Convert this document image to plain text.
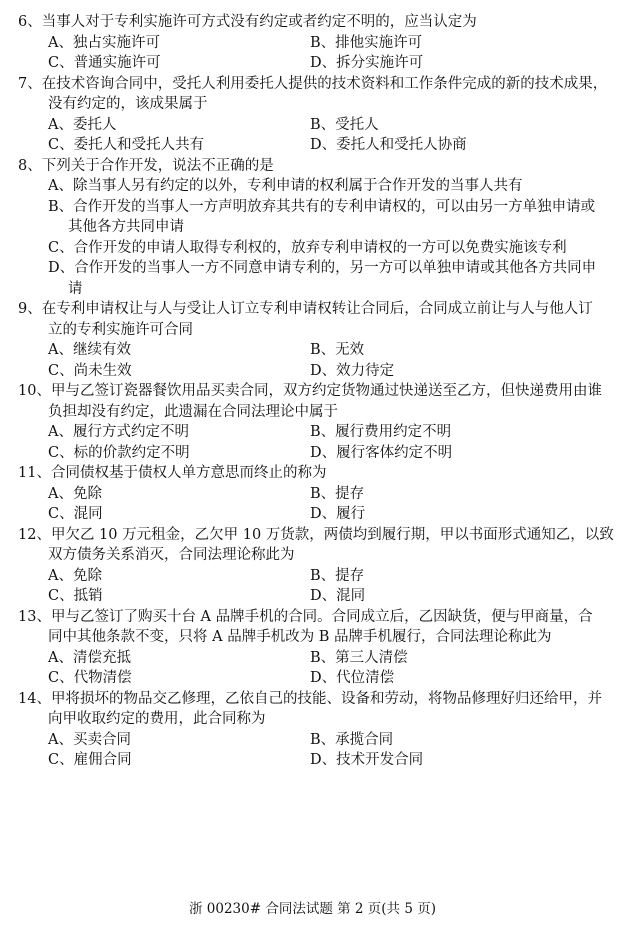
6、当事人对于专利实施许可方式没有约定或者约定不明的，应当认定为

A、独占实施许可	B、排他实施许可
C、普通实施许可	D、拆分实施许可

7、在技术咨询合同中，受托人利用委托人提供的技术资料和工作条件完成的新的技术成果，

没有约定的，该成果属于

A、委托人	B、受托人
C、委托人和受托人共有	D、委托人和受托人协商

8、下列关于合作开发，说法不正确的是

A、除当事人另有约定的以外，专利申请的权利属于合作开发的当事人共有
B、合作开发的当事人一方声明放弃其共有的专利申请权的，可以由另一方单独申请或
其他各方共同申请
C、合作开发的申请人取得专利权的，放弃专利申请权的一方可以免费实施该专利
D、合作开发的当事人一方不同意申请专利的，另一方可以单独申请或其他各方共同申
请

9、在专利申请权让与人与受让人订立专利申请权转让合同后，合同成立前让与人与他人订

立的专利实施许可合同

A、继续有效	B、无效
C、尚未生效	D、效力待定

10、甲与乙签订瓷器餐饮用品买卖合同，双方约定货物通过快递送至乙方，但快递费用由谁

负担却没有约定，此遗漏在合同法理论中属于

A、履行方式约定不明	B、履行费用约定不明
C、标的价款约定不明	D、履行客体约定不明

11、合同债权基于债权人单方意思而终止的称为

A、免除	B、提存
C、混同	D、履行

12、甲欠乙 10 万元租金，乙欠甲 10 万货款，两债均到履行期，甲以书面形式通知乙，以致

双方债务关系消灭，合同法理论称此为

A、免除	B、提存
C、抵销	D、混同

13、甲与乙签订了购买十台 A 品牌手机的合同。合同成立后，乙因缺货，便与甲商量，合

同中其他条款不变，只将 A 品牌手机改为 B 品牌手机履行，合同法理论称此为

A、清偿充抵	B、第三人清偿
C、代物清偿	D、代位清偿

14、甲将损坏的物品交乙修理，乙依自己的技能、设备和劳动，将物品修理好归还给甲，并

向甲收取约定的费用，此合同称为

A、买卖合同	B、承揽合同
C、雇佣合同	D、技术开发合同
浙 00230# 合同法试题 第 2 页(共 5 页)
